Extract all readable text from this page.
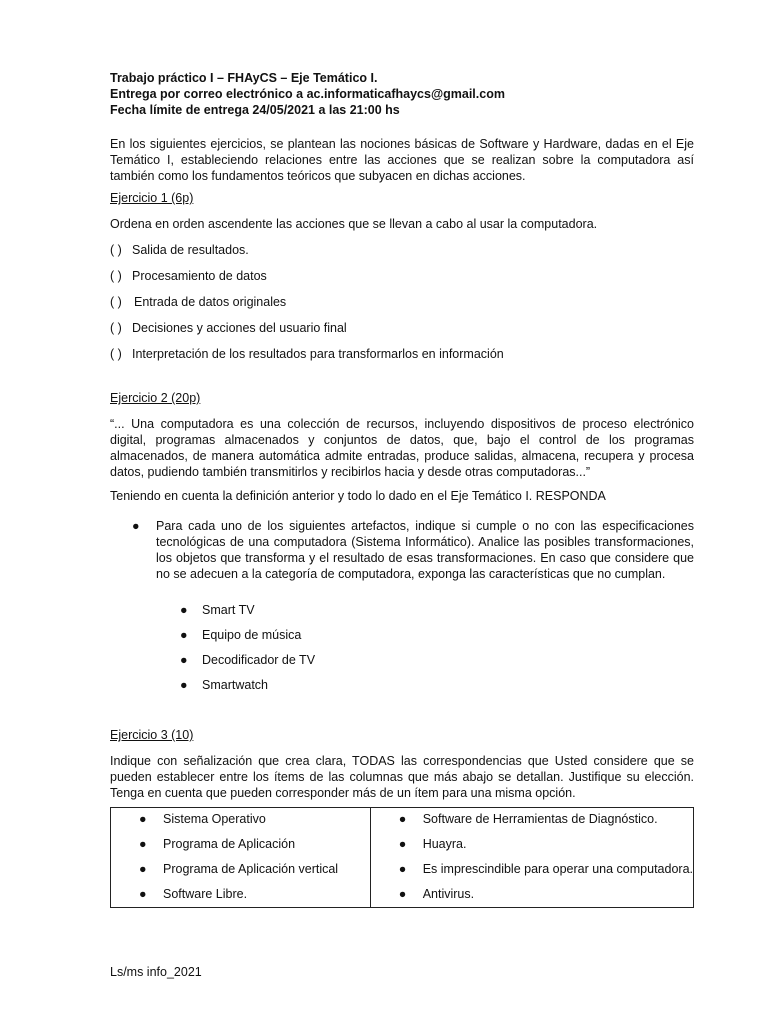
Trabajo práctico I – FHAyCS – Eje Temático I.
Entrega por correo electrónico a ac.informaticafhaycs@gmail.com
Fecha límite de entrega 24/05/2021 a las 21:00 hs

En los siguientes ejercicios, se plantean las nociones básicas de Software y Hardware, dadas en el Eje Temático I, estableciendo relaciones entre las acciones que se realizan sobre la computadora así también como los fundamentos teóricos que subyacen en dichas acciones.

Ejercicio 1 (6p)

Ordena en orden ascendente las acciones que se llevan a cabo al usar la computadora.

( ) Salida de resultados.
( ) Procesamiento de datos
( ) Entrada de datos originales
( ) Decisiones y acciones del usuario final
( ) Interpretación de los resultados para transformarlos en información

Ejercicio 2 (20p)

“... Una computadora es una colección de recursos, incluyendo dispositivos de proceso electrónico digital, programas almacenados y conjuntos de datos, que, bajo el control de los programas almacenados, de manera automática admite entradas, produce salidas, almacena, recupera y procesa datos, pudiendo también transmitirlos y recibirlos hacia y desde otras computadoras...”

Teniendo en cuenta la definición anterior y todo lo dado en el Eje Temático I. RESPONDA

● Para cada uno de los siguientes artefactos, indique si cumple o no con las especificaciones tecnológicas de una computadora (Sistema Informático). Analice las posibles transformaciones, los objetos que transforma y el resultado de esas transformaciones. En caso que considere que no se adecuen a la categoría de computadora, exponga las características que no cumplan.
● Smart TV
● Equipo de música
● Decodificador de TV
● Smartwatch

Ejercicio 3 (10)

Indique con señalización que crea clara, TODAS las correspondencias que Usted considere que se pueden establecer entre los ítems de las columnas que más abajo se detallan. Justifique su elección. Tenga en cuenta que pueden corresponder más de un ítem para una misma opción.

● Sistema Operativo
● Programa de Aplicación
● Programa de Aplicación vertical
● Software Libre.

● Software de Herramientas de Diagnóstico.
● Huayra.
● Es imprescindible para operar una computadora.
● Antivirus.
Ls/ms info_2021
